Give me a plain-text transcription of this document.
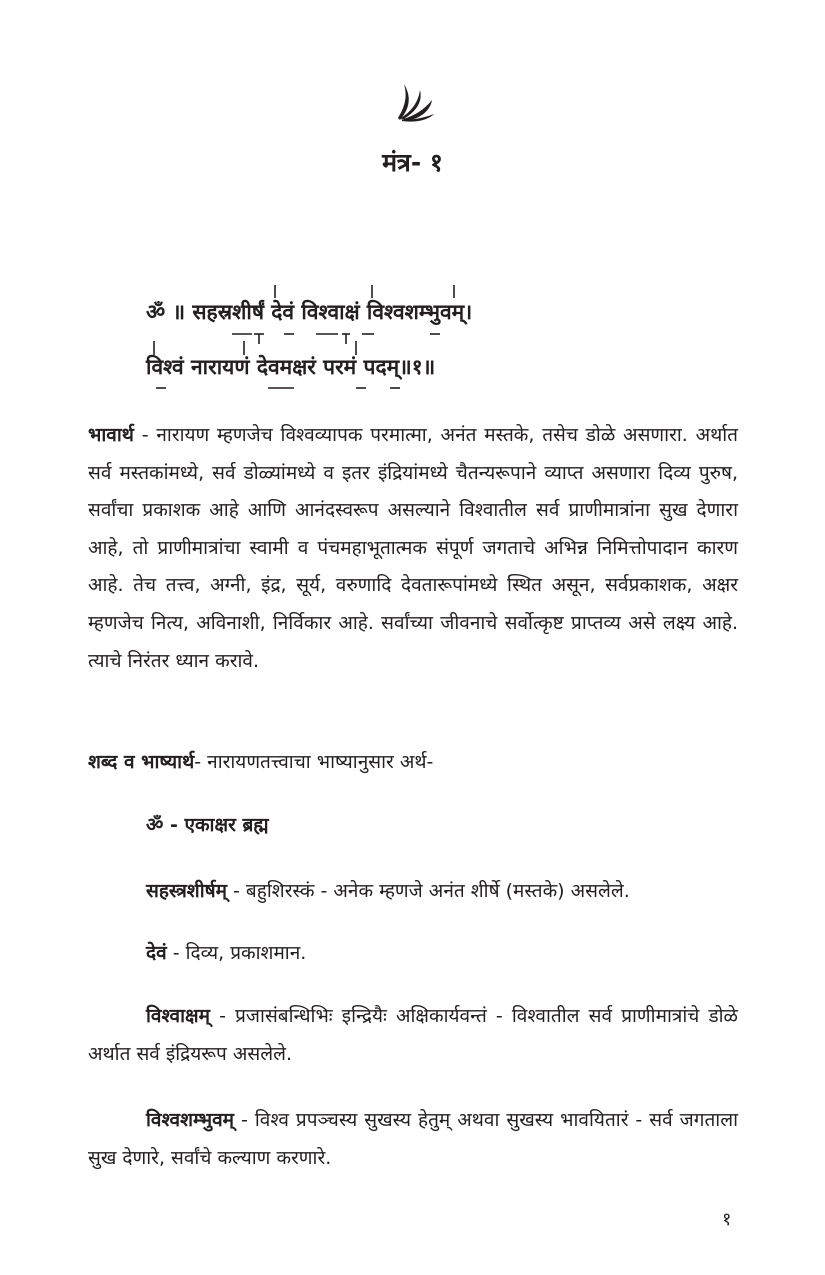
मंत्र- १
ॐ ॥ सहस्रशीर्षं देवं विश्वाक्षं विश्वशम्भुवम्।
विश्वं नारायणं देवमक्षरं परमं पदम्॥१॥

भावार्थ - नारायण म्हणजेच विश्वव्यापक परमात्मा, अनंत मस्तके, तसेच डोळे असणारा. अर्थात सर्व मस्तकांमध्ये, सर्व डोळ्यांमध्ये व इतर इंद्रियांमध्ये चैतन्यरूपाने व्याप्त असणारा दिव्य पुरुष, सर्वांचा प्रकाशक आहे आणि आनंदस्वरूप असल्याने विश्वातील सर्व प्राणीमात्रांना सुख देणारा आहे, तो प्राणीमात्रांचा स्वामी व पंचमहाभूतात्मक संपूर्ण जगताचे अभिन्न निमित्तोपादान कारण आहे. तेच तत्त्व, अग्नी, इंद्र, सूर्य, वरुणादि देवतारूपांमध्ये स्थित असून, सर्वप्रकाशक, अक्षर म्हणजेच नित्य, अविनाशी, निर्विकार आहे. सर्वांच्या जीवनाचे सर्वोत्कृष्ट प्राप्तव्य असे लक्ष्य आहे. त्याचे निरंतर ध्यान करावे.

शब्द व भाष्यार्थ- नारायणतत्त्वाचा भाष्यानुसार अर्थ-

ॐ - एकाक्षर ब्रह्म

सहस्त्रशीर्षम् - बहुशिरस्कं - अनेक म्हणजे अनंत शीर्षे (मस्तके) असलेले.

देवं - दिव्य, प्रकाशमान.

विश्वाक्षम् - प्रजासंबन्धिभिः इन्द्रियैः अक्षिकार्यवन्तं - विश्वातील सर्व प्राणीमात्रांचे डोळे अर्थात सर्व इंद्रियरूप असलेले.

विश्वशम्भुवम् - विश्व प्रपञ्चस्य सुखस्य हेतुम् अथवा सुखस्य भावयितारं - सर्व जगताला सुख देणारे, सर्वांचे कल्याण करणारे.

१
